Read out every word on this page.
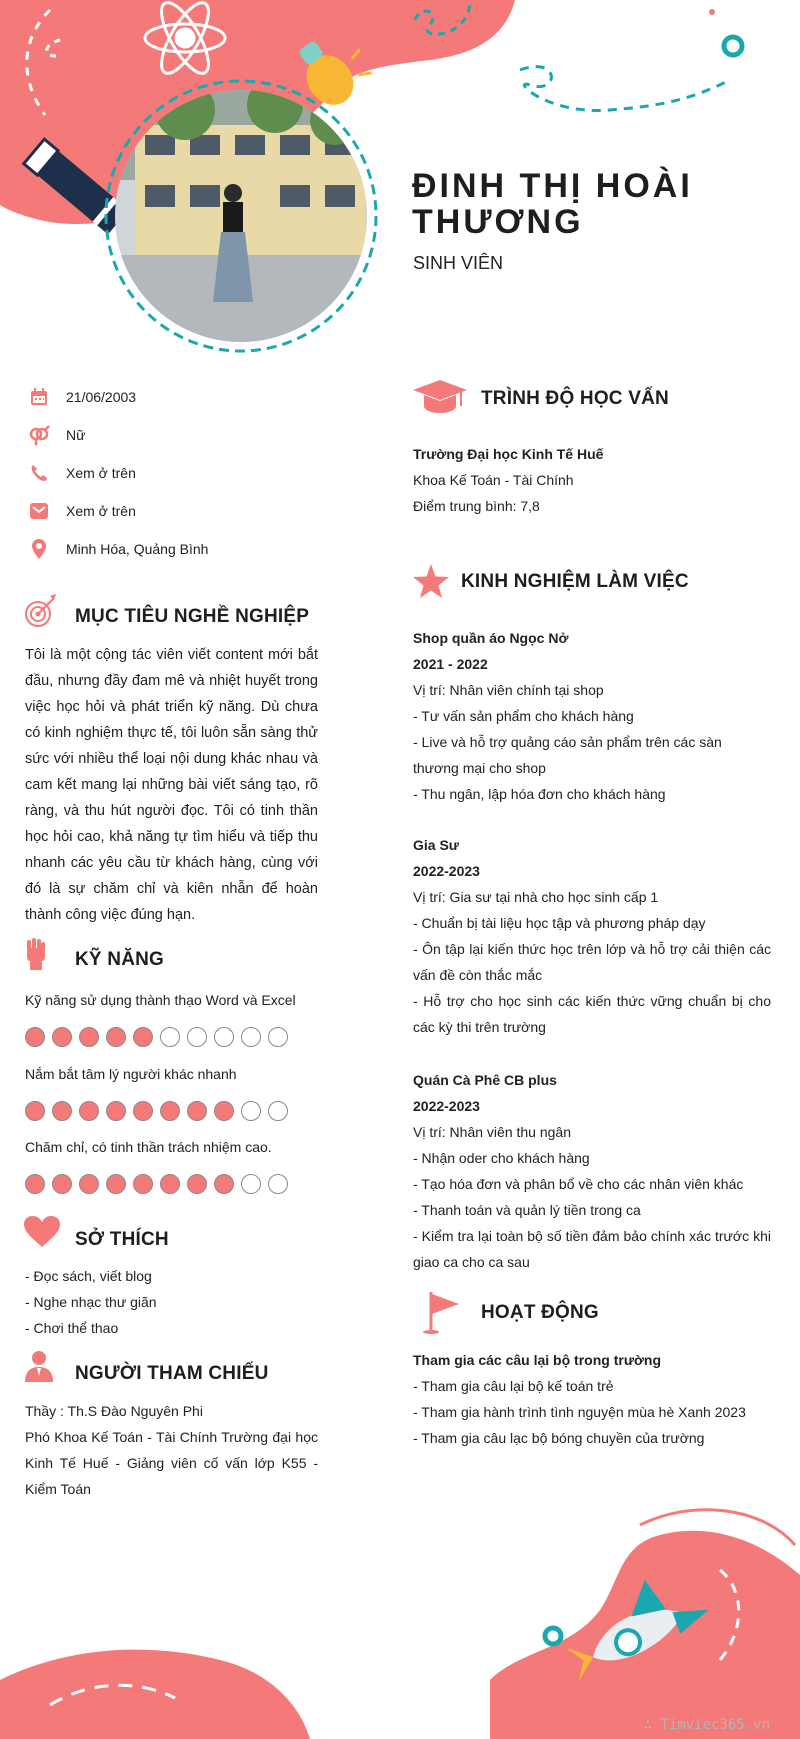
ĐINH THỊ HOÀI THƯƠNG
SINH VIÊN
21/06/2003
Nữ
Xem ở trên
Xem ở trên
Minh Hóa, Quảng Bình
MỤC TIÊU NGHỀ NGHIỆP
Tôi là một cộng tác viên viết content mới bắt đầu, nhưng đầy đam mê và nhiệt huyết trong việc học hỏi và phát triển kỹ năng. Dù chưa có kinh nghiệm thực tế, tôi luôn sẵn sàng thử sức với nhiều thể loại nội dung khác nhau và cam kết mang lại những bài viết sáng tạo, rõ ràng, và thu hút người đọc. Tôi có tinh thần học hỏi cao, khả năng tự tìm hiểu và tiếp thu nhanh các yêu cầu từ khách hàng, cùng với đó là sự chăm chỉ và kiên nhẫn để hoàn thành công việc đúng hạn.
KỸ NĂNG
Kỹ năng sử dụng thành thạo Word và Excel
Nắm bắt tâm lý người khác nhanh
Chăm chỉ, có tinh thần trách nhiệm cao.
SỞ THÍCH
- Đọc sách, viết blog
- Nghe nhạc thư giãn
- Chơi thể thao
NGƯỜI THAM CHIẾU
Thầy : Th.S Đào Nguyên Phi
Phó Khoa Kế Toán - Tài Chính Trường đại học Kinh Tế Huế - Giảng viên cố vấn lớp K55 - Kiểm Toán
TRÌNH ĐỘ HỌC VẤN
Trường Đại học Kinh Tế Huế
Khoa Kế Toán - Tài Chính
Điểm trung bình: 7,8
KINH NGHIỆM LÀM VIỆC
Shop quần áo Ngọc Nở
2021 - 2022
Vị trí: Nhân viên chính tại shop
- Tư vấn sản phẩm cho khách hàng
- Live và hỗ trợ quảng cáo sản phẩm trên các sàn thương mại cho shop
- Thu ngân, lập hóa đơn cho khách hàng
Gia Sư
2022-2023
Vị trí: Gia sư tại nhà cho học sinh cấp 1
- Chuẩn bị tài liệu học tập và phương pháp dạy
- Ôn tập lại kiến thức học trên lớp và hỗ trợ cải thiện các vấn đề còn thắc mắc
- Hỗ trợ cho học sinh các kiến thức vững chuẩn bị cho các kỳ thi trên trường
Quán Cà Phê CB plus
2022-2023
Vị trí: Nhân viên thu ngân
- Nhận oder cho khách hàng
- Tạo hóa đơn và phân bổ về cho các nhân viên khác
- Thanh toán và quản lý tiền trong ca
- Kiểm tra lại toàn bộ số tiền đảm bảo chính xác trước khi giao ca cho ca sau
HOẠT ĐỘNG
Tham gia các câu lại bộ trong trường
- Tham gia câu lại bộ kế toán trẻ
- Tham gia hành trình tình nguyện mùa hè Xanh 2023
- Tham gia câu lạc bộ bóng chuyền của trường
∴ Timviec365.vn
